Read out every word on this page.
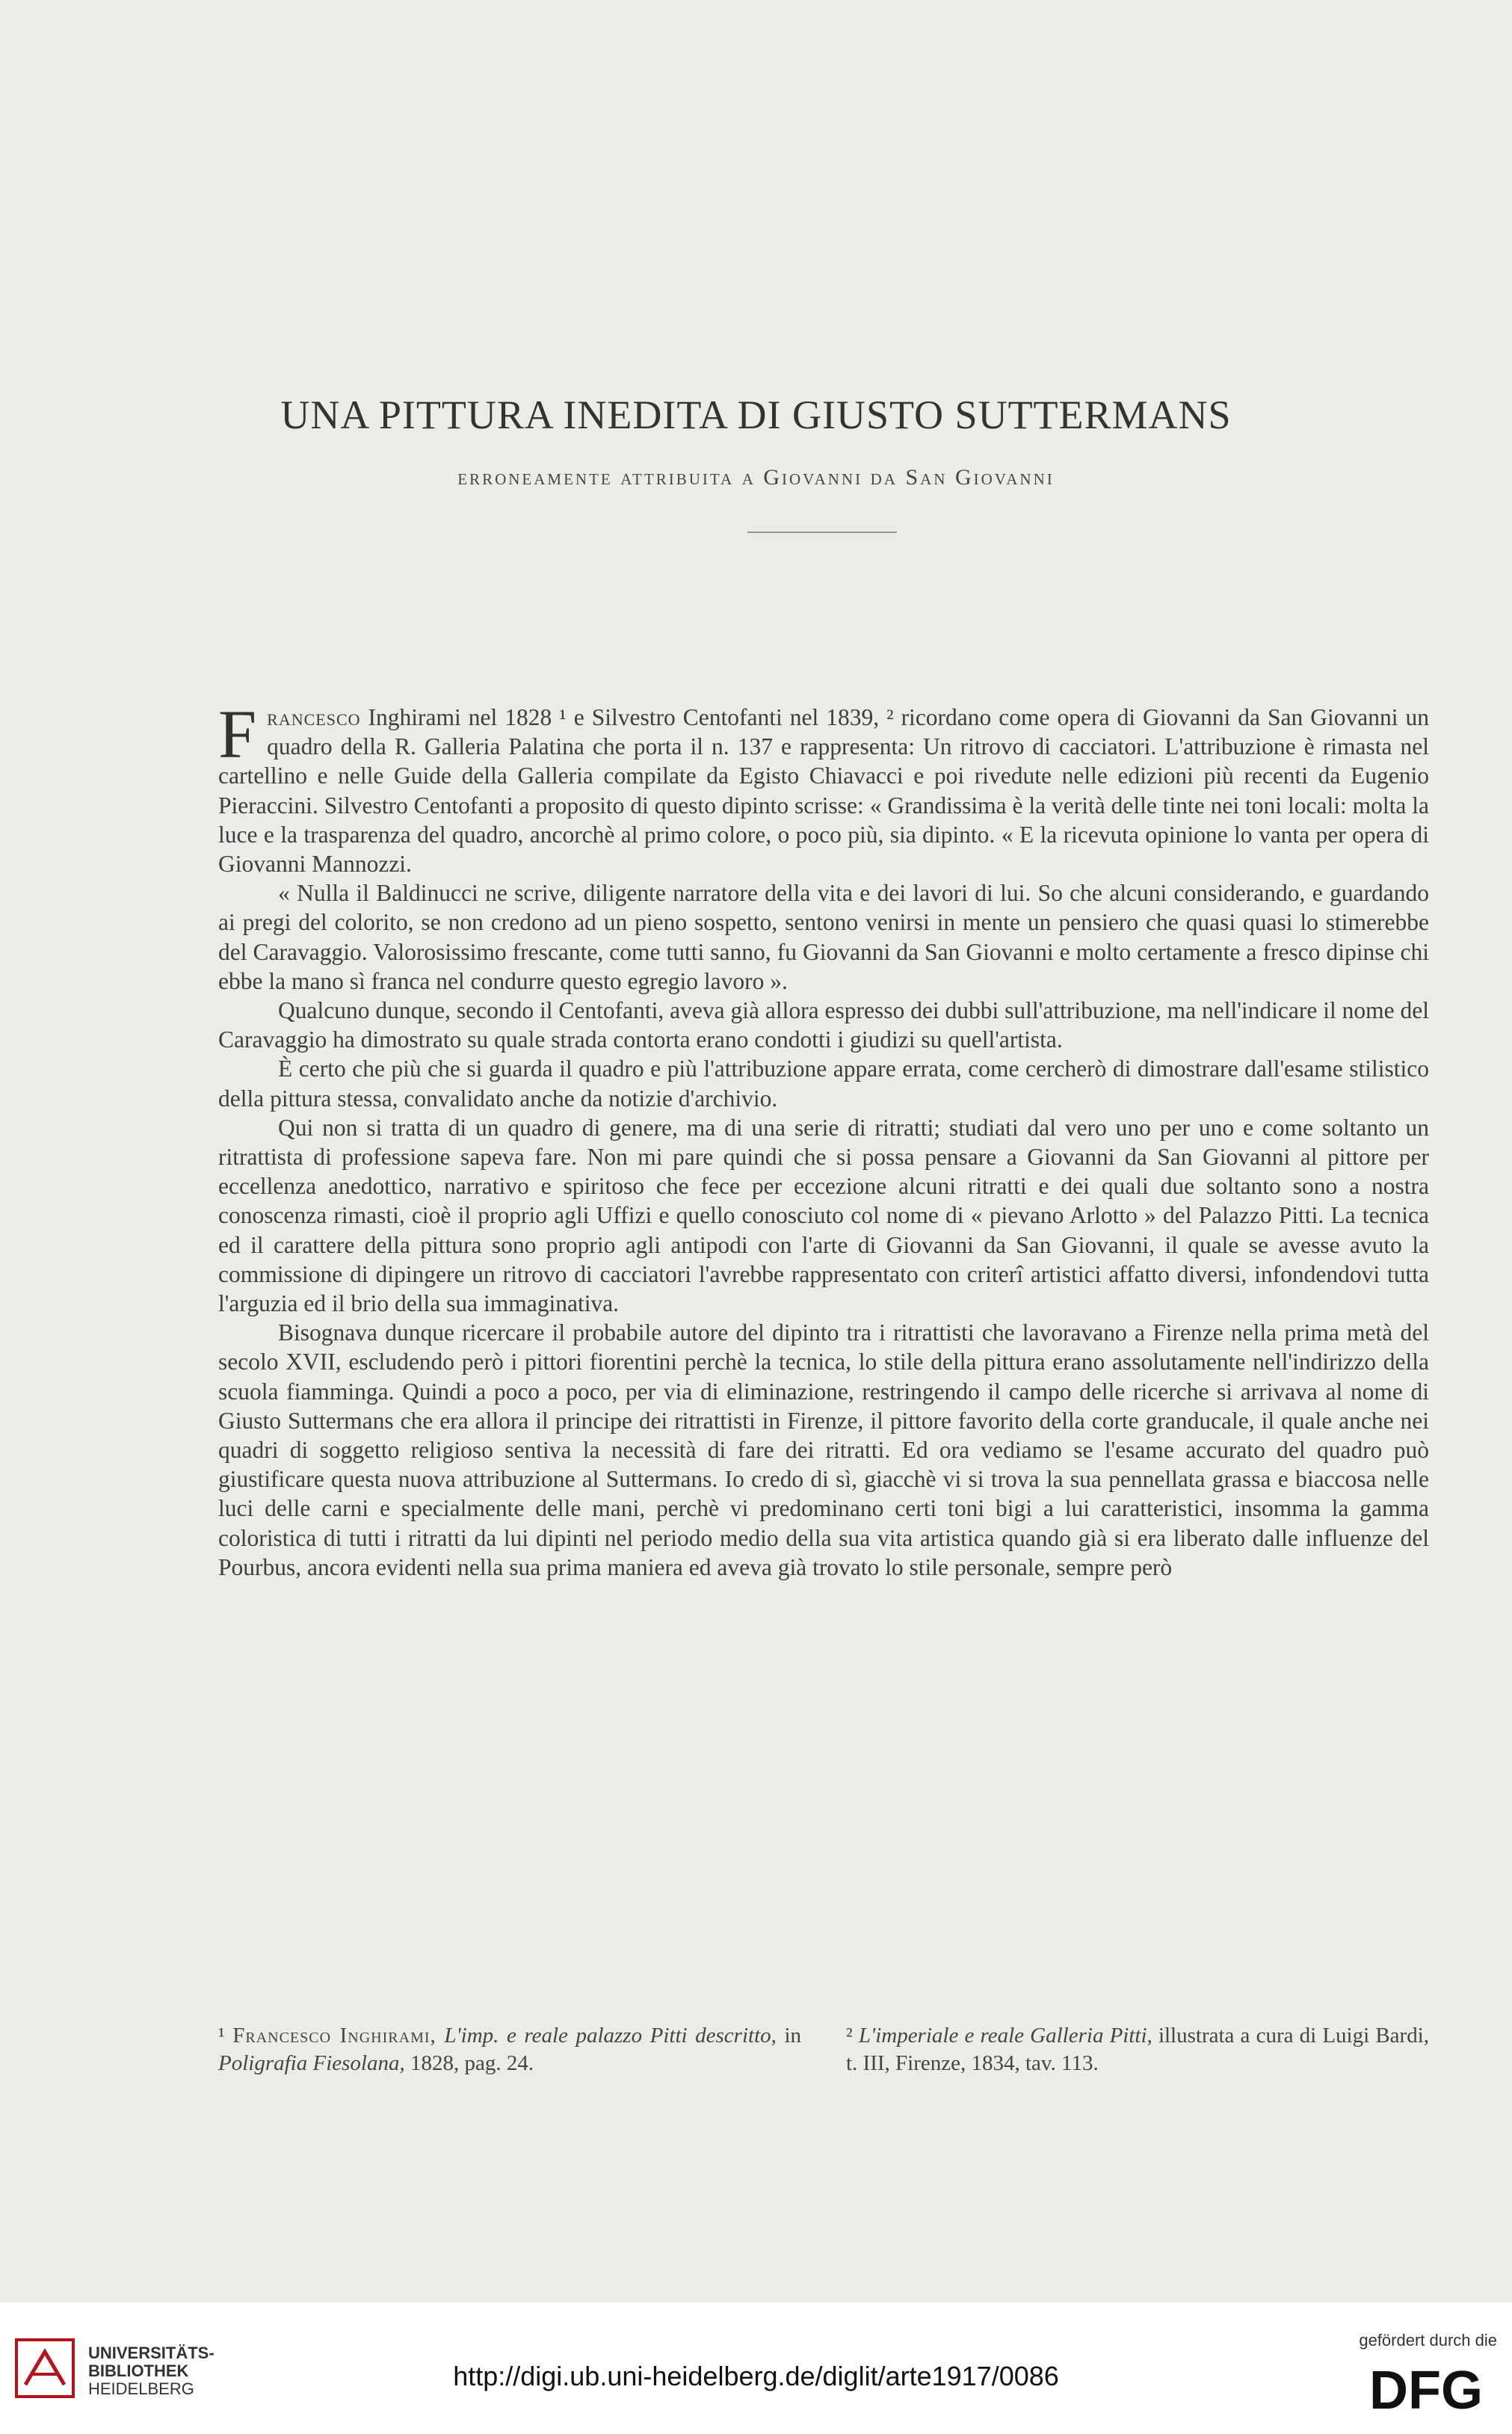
UNA PITTURA INEDITA DI GIUSTO SUTTERMANS
erroneamente attribuita a Giovanni da San Giovanni

Francesco Inghirami nel 1828 ¹ e Silvestro Centofanti nel 1839, ² ricordano come opera di Giovanni da San Giovanni un quadro della R. Galleria Palatina che porta il n. 137 e rappresenta: Un ritrovo di cacciatori. L'attribuzione è rimasta nel cartellino e nelle Guide della Galleria compilate da Egisto Chiavacci e poi rivedute nelle edizioni più recenti da Eugenio Pieraccini. Silvestro Centofanti a proposito di questo dipinto scrisse: « Grandissima è la verità delle tinte nei toni locali: molta la luce e la trasparenza del quadro, ancorchè al primo colore, o poco più, sia dipinto. « E la ricevuta opinione lo vanta per opera di Giovanni Mannozzi.

« Nulla il Baldinucci ne scrive, diligente narratore della vita e dei lavori di lui. So che alcuni considerando, e guardando ai pregi del colorito, se non credono ad un pieno sospetto, sentono venirsi in mente un pensiero che quasi quasi lo stimerebbe del Caravaggio. Valorosissimo frescante, come tutti sanno, fu Giovanni da San Giovanni e molto certamente a fresco dipinse chi ebbe la mano sì franca nel condurre questo egregio lavoro ».

Qualcuno dunque, secondo il Centofanti, aveva già allora espresso dei dubbi sull'attribuzione, ma nell'indicare il nome del Caravaggio ha dimostrato su quale strada contorta erano condotti i giudizi su quell'artista.

È certo che più che si guarda il quadro e più l'attribuzione appare errata, come cercherò di dimostrare dall'esame stilistico della pittura stessa, convalidato anche da notizie d'archivio.

Qui non si tratta di un quadro di genere, ma di una serie di ritratti; studiati dal vero uno per uno e come soltanto un ritrattista di professione sapeva fare. Non mi pare quindi che si possa pensare a Giovanni da San Giovanni al pittore per eccellenza anedottico, narrativo e spiritoso che fece per eccezione alcuni ritratti e dei quali due soltanto sono a nostra conoscenza rimasti, cioè il proprio agli Uffizi e quello conosciuto col nome di « pievano Arlotto » del Palazzo Pitti. La tecnica ed il carattere della pittura sono proprio agli antipodi con l'arte di Giovanni da San Giovanni, il quale se avesse avuto la commissione di dipingere un ritrovo di cacciatori l'avrebbe rappresentato con criterî artistici affatto diversi, infondendovi tutta l'arguzia ed il brio della sua immaginativa.

Bisognava dunque ricercare il probabile autore del dipinto tra i ritrattisti che lavoravano a Firenze nella prima metà del secolo XVII, escludendo però i pittori fiorentini perchè la tecnica, lo stile della pittura erano assolutamente nell'indirizzo della scuola fiamminga. Quindi a poco a poco, per via di eliminazione, restringendo il campo delle ricerche si arrivava al nome di Giusto Suttermans che era allora il principe dei ritrattisti in Firenze, il pittore favorito della corte granducale, il quale anche nei quadri di soggetto religioso sentiva la necessità di fare dei ritratti. Ed ora vediamo se l'esame accurato del quadro può giustificare questa nuova attribuzione al Suttermans. Io credo di sì, giacchè vi si trova la sua pennellata grassa e biaccosa nelle luci delle carni e specialmente delle mani, perchè vi predominano certi toni bigi a lui caratteristici, insomma la gamma coloristica di tutti i ritratti da lui dipinti nel periodo medio della sua vita artistica quando già si era liberato dalle influenze del Pourbus, ancora evidenti nella sua prima maniera ed aveva già trovato lo stile personale, sempre però

¹ Francesco Inghirami, L'imp. e reale palazzo Pitti descritto, in Poligrafia Fiesolana, 1828, pag. 24.
² L'imperiale e reale Galleria Pitti, illustrata a cura di Luigi Bardi, t. III, Firenze, 1834, tav. 113.
UNIVERSITÄTS-
BIBLIOTHEK
HEIDELBERG	http://digi.ub.uni-heidelberg.de/diglit/arte1917/0086
gefördert durch die
DFG
